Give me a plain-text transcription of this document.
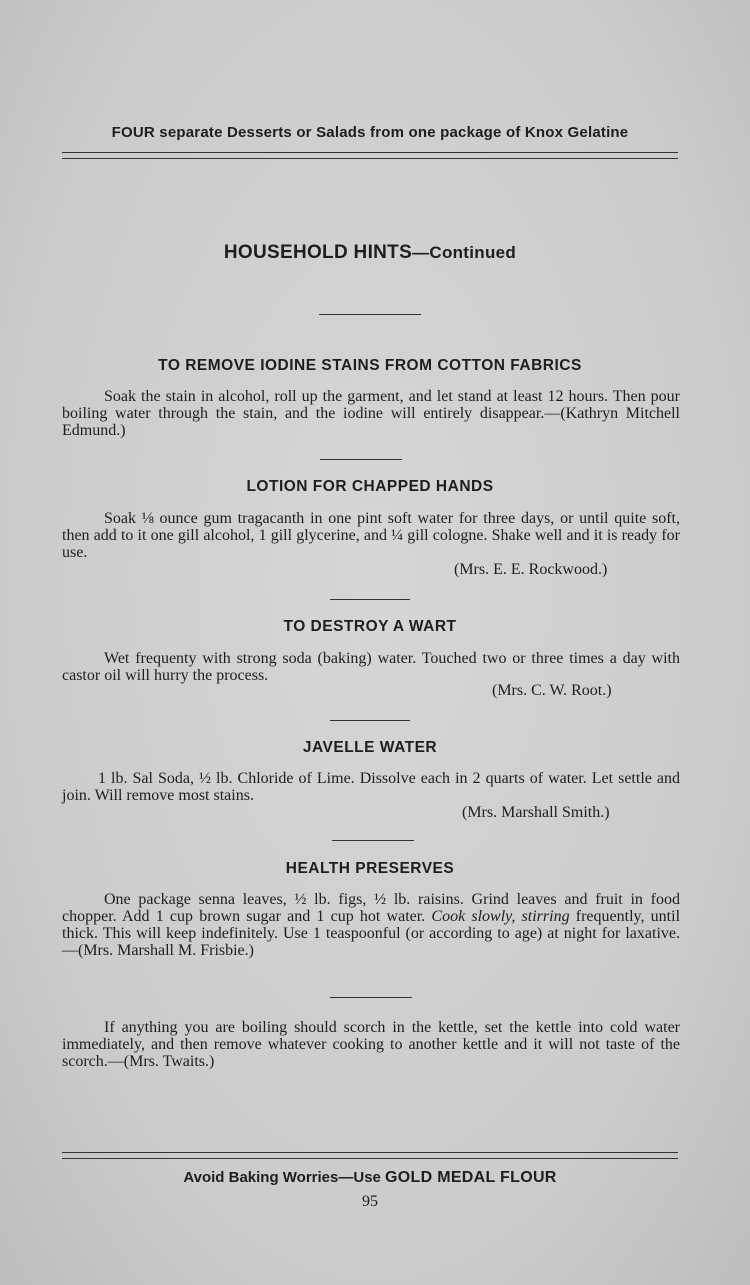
FOUR separate Desserts or Salads from one package of Knox Gelatine
HOUSEHOLD HINTS—Continued
TO REMOVE IODINE STAINS FROM COTTON FABRICS
Soak the stain in alcohol, roll up the garment, and let stand at least 12 hours. Then pour boiling water through the stain, and the iodine will entirely disappear.—(Kathryn Mitchell Edmund.)
LOTION FOR CHAPPED HANDS
Soak ⅛ ounce gum tragacanth in one pint soft water for three days, or until quite soft, then add to it one gill alcohol, 1 gill glycerine, and ¼ gill cologne. Shake well and it is ready for use.
(Mrs. E. E. Rockwood.)
TO DESTROY A WART
Wet frequenty with strong soda (baking) water. Touched two or three times a day with castor oil will hurry the process.
(Mrs. C. W. Root.)
JAVELLE WATER
1 lb. Sal Soda, ½ lb. Chloride of Lime. Dissolve each in 2 quarts of water. Let settle and join. Will remove most stains.
(Mrs. Marshall Smith.)
HEALTH PRESERVES
One package senna leaves, ½ lb. figs, ½ lb. raisins. Grind leaves and fruit in food chopper. Add 1 cup brown sugar and 1 cup hot water. Cook slowly, stirring frequently, until thick. This will keep indefinitely. Use 1 teaspoonful (or according to age) at night for laxative.—(Mrs. Marshall M. Frisbie.)
If anything you are boiling should scorch in the kettle, set the kettle into cold water immediately, and then remove whatever cooking to another kettle and it will not taste of the scorch.—(Mrs. Twaits.)
Avoid Baking Worries—Use GOLD MEDAL FLOUR
95
